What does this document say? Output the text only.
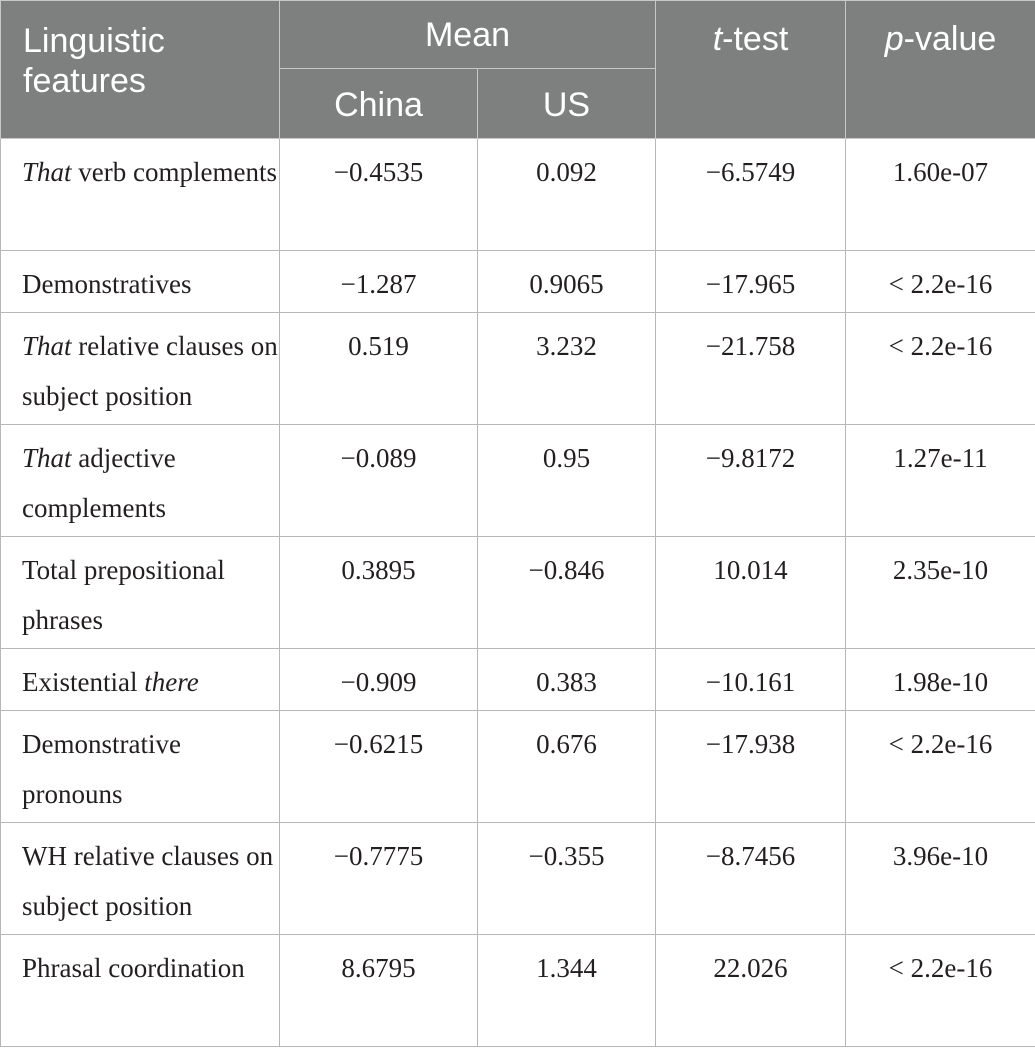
Linguistic features	Mean		t-test	p-value
	China	US		
That verb complements	−0.4535	0.092	−6.5749	1.60e-07
Demonstratives	−1.287	0.9065	−17.965	< 2.2e-16
That relative clauses on subject position	0.519	3.232	−21.758	< 2.2e-16
That adjective complements	−0.089	0.95	−9.8172	1.27e-11
Total prepositional phrases	0.3895	−0.846	10.014	2.35e-10
Existential there	−0.909	0.383	−10.161	1.98e-10
Demonstrative pronouns	−0.6215	0.676	−17.938	< 2.2e-16
WH relative clauses on subject position	−0.7775	−0.355	−8.7456	3.96e-10
Phrasal coordination	8.6795	1.344	22.026	< 2.2e-16
